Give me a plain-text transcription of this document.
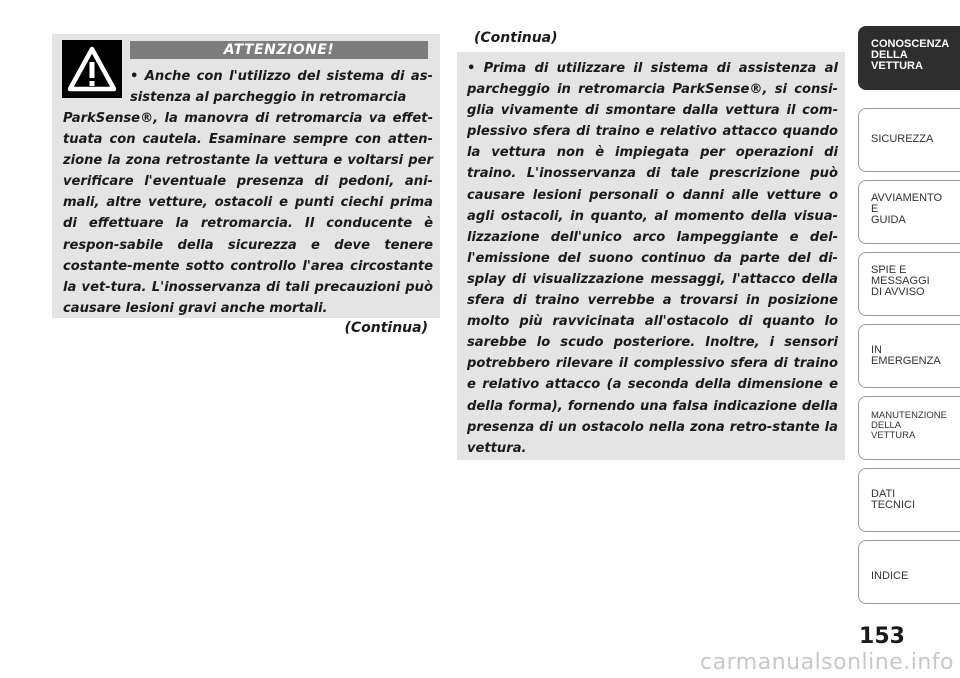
ATTENZIONE!

• Anche con l'utilizzo del sistema di as-sistenza al parcheggio in retromarcia

ParkSense®, la manovra di retromarcia va effet-tuata con cautela. Esaminare sempre con atten-zione la zona retrostante la vettura e voltarsi per verificare l'eventuale presenza di pedoni, ani-mali, altre vetture, ostacoli e punti ciechi prima di effettuare la retromarcia. Il conducente è respon-sabile della sicurezza e deve tenere costante-mente sotto controllo l'area circostante la vet-tura. L'inosservanza di tali precauzioni può causare lesioni gravi anche mortali.

(Continua)
(Continua)

• Prima di utilizzare il sistema di assistenza al parcheggio in retromarcia ParkSense®, si consi-glia vivamente di smontare dalla vettura il com-plessivo sfera di traino e relativo attacco quando la vettura non è impiegata per operazioni di traino. L'inosservanza di tale prescrizione può causare lesioni personali o danni alle vetture o agli ostacoli, in quanto, al momento della visua-lizzazione dell'unico arco lampeggiante e del-l'emissione del suono continuo da parte del di-splay di visualizzazione messaggi, l'attacco della sfera di traino verrebbe a trovarsi in posizione molto più ravvicinata all'ostacolo di quanto lo sarebbe lo scudo posteriore. Inoltre, i sensori potrebbero rilevare il complessivo sfera di traino e relativo attacco (a seconda della dimensione e della forma), fornendo una falsa indicazione della presenza di un ostacolo nella zona retro-stante la vettura.

CONOSCENZA
DELLA
VETTURA
SICUREZZA
AVVIAMENTO
E
GUIDA
SPIE E
MESSAGGI
DI AVVISO
IN
EMERGENZA
MANUTENZIONE
DELLA
VETTURA
DATI
TECNICI
INDICE
153
carmanualsonline.info
